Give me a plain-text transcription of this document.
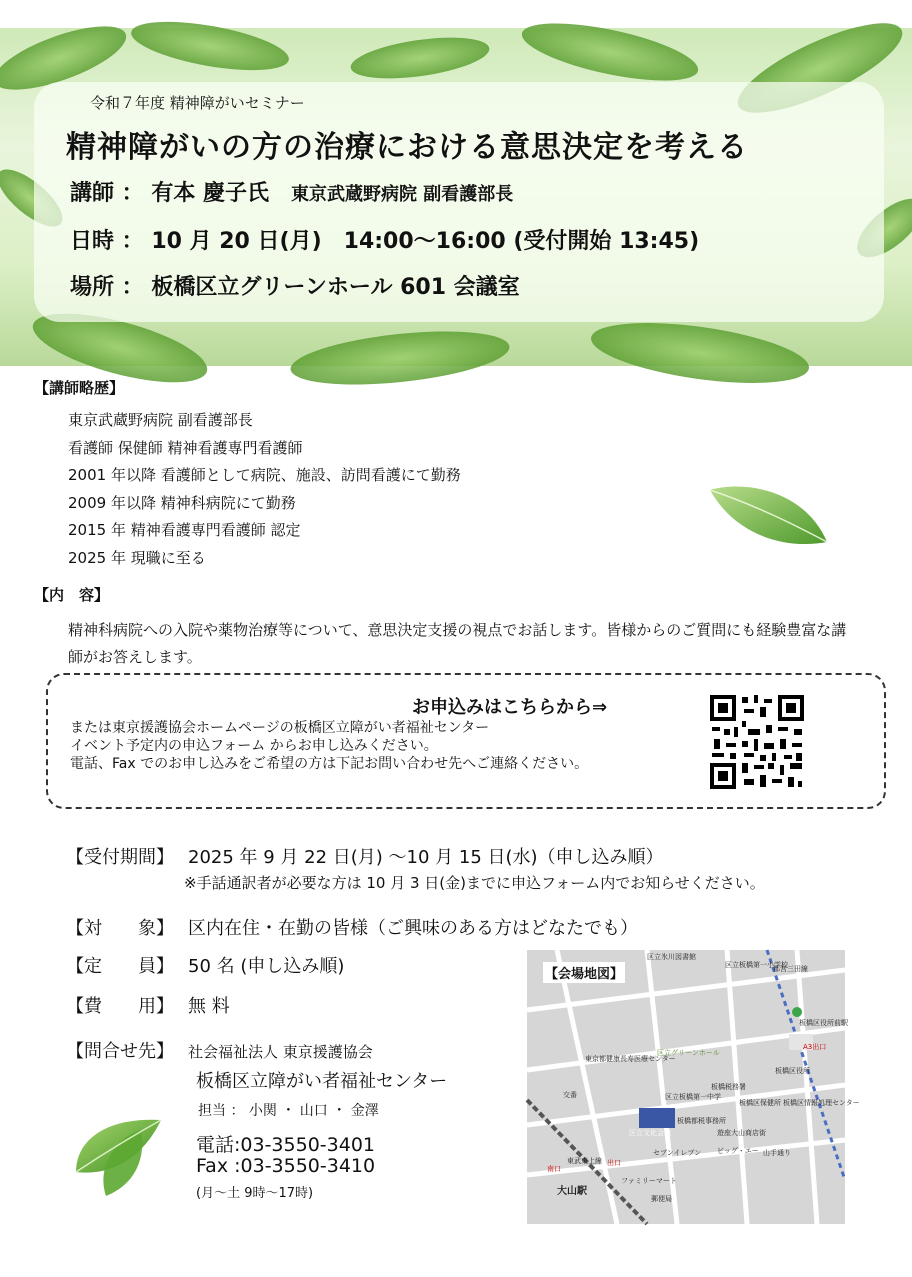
令和７年度 精神障がいセミナー
精神障がいの方の治療における意思決定を考える
講師 ： 有本 慶子氏 東京武蔵野病院 副看護部長
日時 ： 10 月 20 日(月)　14:00～16:00 (受付開始 13:45)
場所 ： 板橋区立グリーンホール 601 会議室
【講師略歴】
東京武蔵野病院 副看護部長
看護師 保健師 精神看護専門看護師
2001 年以降 看護師として病院、施設、訪問看護にて勤務
2009 年以降 精神科病院にて勤務
2015 年 精神看護専門看護師 認定
2025 年 現職に至る
【内　容】
精神科病院への入院や薬物治療等について、意思決定支援の視点でお話します。皆様からのご質問にも経験豊富な講師がお答えします。
お申込みはこちらから⇒
または東京援護協会ホームページの板橋区立障がい者福祉センター
イベント予定内の申込フォーム からお申し込みください。
電話、Fax でのお申し込みをご希望の方は下記お問い合わせ先へご連絡ください。
【受付期間】 2025 年 9 月 22 日(月) ～10 月 15 日(水)（申し込み順）
※手話通訳者が必要な方は 10 月 3 日(金)までに申込フォーム内でお知らせください。
【対　　象】 区内在住・在勤の皆様（ご興味のある方はどなたでも）
【定　　員】 50 名 (申し込み順)
【費　　用】 無 料
【問合せ先】 社会福祉法人 東京援護協会
板橋区立障がい者福祉センター
担当 ： 小関 ・ 山口 ・ 金澤
電話:03-3550-3401
Fax :03-3550-3410
(月～土 9時～17時)
【会場地図】
区立氷川図書館
区立板橋第一小学校
東京都健康長寿医療センター
区立グリーンホール
区立板橋第一中学
板橋税務署
板橋区役所
交番
板橋区保健所 板橋区情報処理センター
区立文化会館
板橋都税事務所
遊座大山商店街
セブンイレブン ビッグ・エー 山手通り
ファミリーマート
郵便局
大山駅
板橋区役所前駅
東武東上線
都営三田線
南口
出口
A3出口
